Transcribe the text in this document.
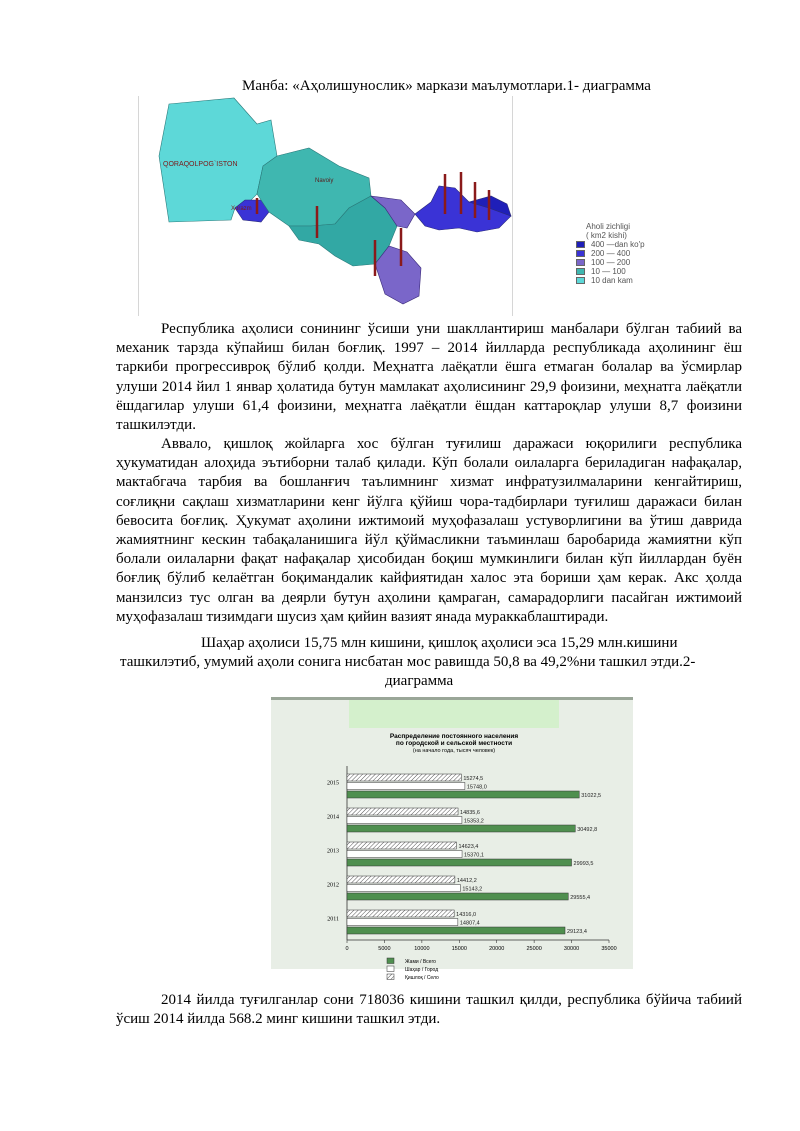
Манба: «Аҳолишунослик» маркази маълумотлари.1- диаграмма
QORAQOLPOG`ISTON
Navoiy
Xorazm
Aholi zichligi
( km2 kishi)
400 —dan ko'p
200 — 400
100 — 200
10 — 100
10 dan kam
Республика аҳолиси сонининг ўсиши уни шакллантириш манбалари бўлган табиий ва механик тарзда кўпайиш билан боғлиқ. 1997 – 2014 йилларда республикада аҳолининг ёш таркиби прогрессивроқ бўлиб қолди. Меҳнатга лаёқатли ёшга етмаган болалар ва ўсмирлар улуши 2014 йил 1 январ ҳолатида бутун мамлакат аҳолисининг 29,9 фоизини, меҳнатга лаёқатли ёшдагилар улуши 61,4 фоизини, меҳнатга лаёқатли ёшдан каттароқлар улуши 8,7 фоизини ташкилэтди.
Аввало, қишлоқ жойларга хос бўлган туғилиш даражаси юқорилиги республика ҳукуматидан алоҳида эътиборни талаб қилади. Кўп болали оилаларга бериладиган нафақалар, мактабгача тарбия ва бошланғич таълимнинг хизмат инфратузилмаларини кенгайтириш, соғлиқни сақлаш хизматларини кенг йўлга қўйиш чора-тадбирлари туғилиш даражаси билан бевосита боғлиқ. Ҳукумат аҳолини ижтимоий муҳофазалаш устуворлигини ва ўтиш даврида жамиятнинг кескин табақаланишига йўл қўймасликни таъминлаш баробарида жамиятни кўп болали оилаларни фақат нафақалар ҳисобидан боқиш мумкинлиги билан кўп йиллардан буён боғлиқ бўлиб келаётган боқимандалик кайфиятидан халос эта бориши ҳам керак. Акс ҳолда манзилсиз тус олган ва деярли бутун аҳолини қамраган, самарадорлиги пасайган ижтимоий муҳофазалаш тизимдаги шусиз ҳам қийин вазият янада мураккаблаштиради.
Шаҳар аҳолиси 15,75 млн кишини, қишлоқ аҳолиси эса 15,29 млн.кишини
ташкилэтиб, умумий аҳоли сонига нисбатан мос равишда 50,8 ва 49,2%ни ташкил этди.2-
диаграмма
Распределение постоянного населения
по городской и сельской местности
(на начало года, тысяч человек)
0	5000	10000	15000	20000	25000	30000	35000
2015
15274,5
15748,0
31022,5
2014
14835,6
15353,2
30492,8
2013
14623,4
15370,1
29993,5
2012
14412,2
15143,2
29555,4
2011
14316,0
14807,4
29123,4
Жами / Всего
Шаҳар / Город
Қишлоқ / Село
2014 йилда туғилганлар сони 718036 кишини ташкил қилди, республика бўйича табиий ўсиш 2014 йилда 568.2 минг кишини ташкил этди.
